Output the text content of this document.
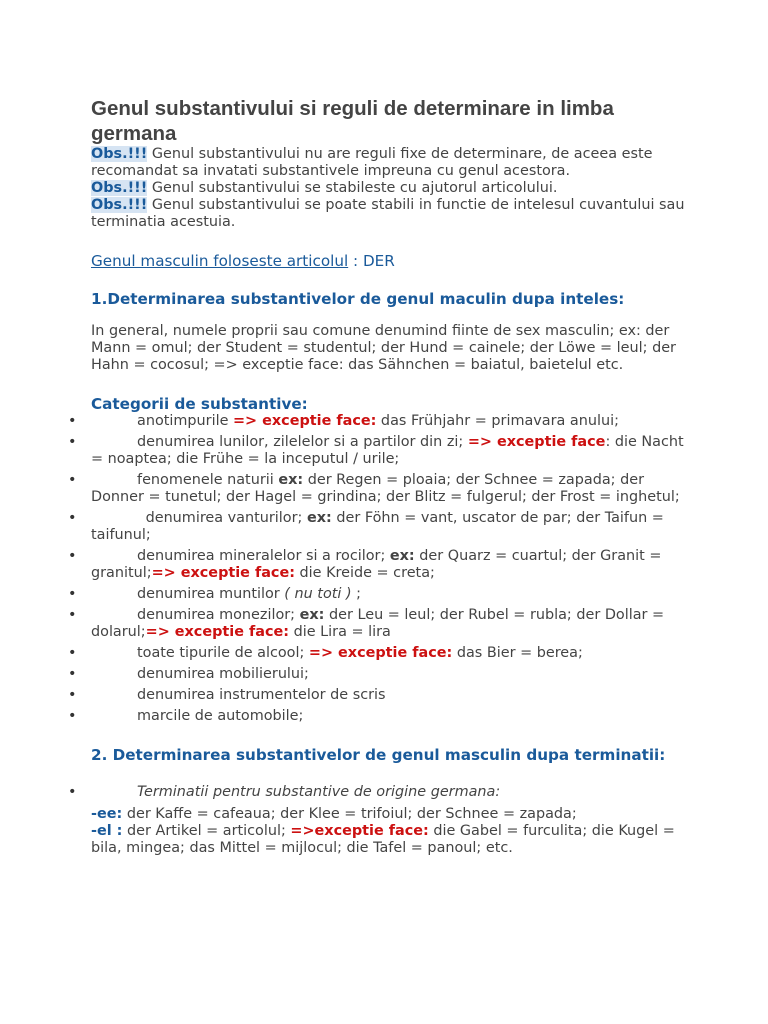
Genul substantivului si reguli de determinare in limba germana

Obs.!!! Genul substantivului nu are reguli fixe de determinare, de aceea este recomandat sa invatati substantivele impreuna cu genul acestora.

Obs.!!! Genul substantivului se stabileste cu ajutorul articolului.

Obs.!!! Genul substantivului se poate stabili in functie de intelesul cuvantului sau terminatia acestuia.

Genul masculin foloseste articolul : DER

1.Determinarea substantivelor de genul maculin dupa inteles:

In general, numele proprii sau comune denumind fiinte de sex masculin; ex: der Mann = omul; der Student = studentul; der Hund = cainele; der Löwe = leul; der Hahn = cocosul; => exceptie face: das Sähnchen = baiatul, baietelul etc.

Categorii de substantive:

• anotimpurile => exceptie face: das Frühjahr = primavara anului;
• denumirea lunilor, zilelelor si a partilor din zi; => exceptie face: die Nacht = noaptea; die Frühe = la inceputul / urile;
• fenomenele naturii ex: der Regen = ploaia; der Schnee = zapada; der Donner = tunetul; der Hagel = grindina; der Blitz = fulgerul; der Frost = inghetul;
• denumirea vanturilor; ex: der Föhn = vant, uscator de par; der Taifun = taifunul;
• denumirea mineralelor si a rocilor; ex: der Quarz = cuartul; der Granit = granitul;=> exceptie face: die Kreide = creta;
• denumirea muntilor ( nu toti ) ;
• denumirea monezilor; ex: der Leu = leul; der Rubel = rubla; der Dollar = dolarul;=> exceptie face: die Lira = lira
• toate tipurile de alcool; => exceptie face: das Bier = berea;
• denumirea mobilierului;
• denumirea instrumentelor de scris
• marcile de automobile;

2. Determinarea substantivelor de genul masculin dupa terminatii:

• Terminatii pentru substantive de origine germana:

-ee: der Kaffe = cafeaua; der Klee = trifoiul; der Schnee = zapada;
-el : der Artikel = articolul; =>exceptie face: die Gabel = furculita; die Kugel = bila, mingea; das Mittel = mijlocul; die Tafel = panoul; etc.
